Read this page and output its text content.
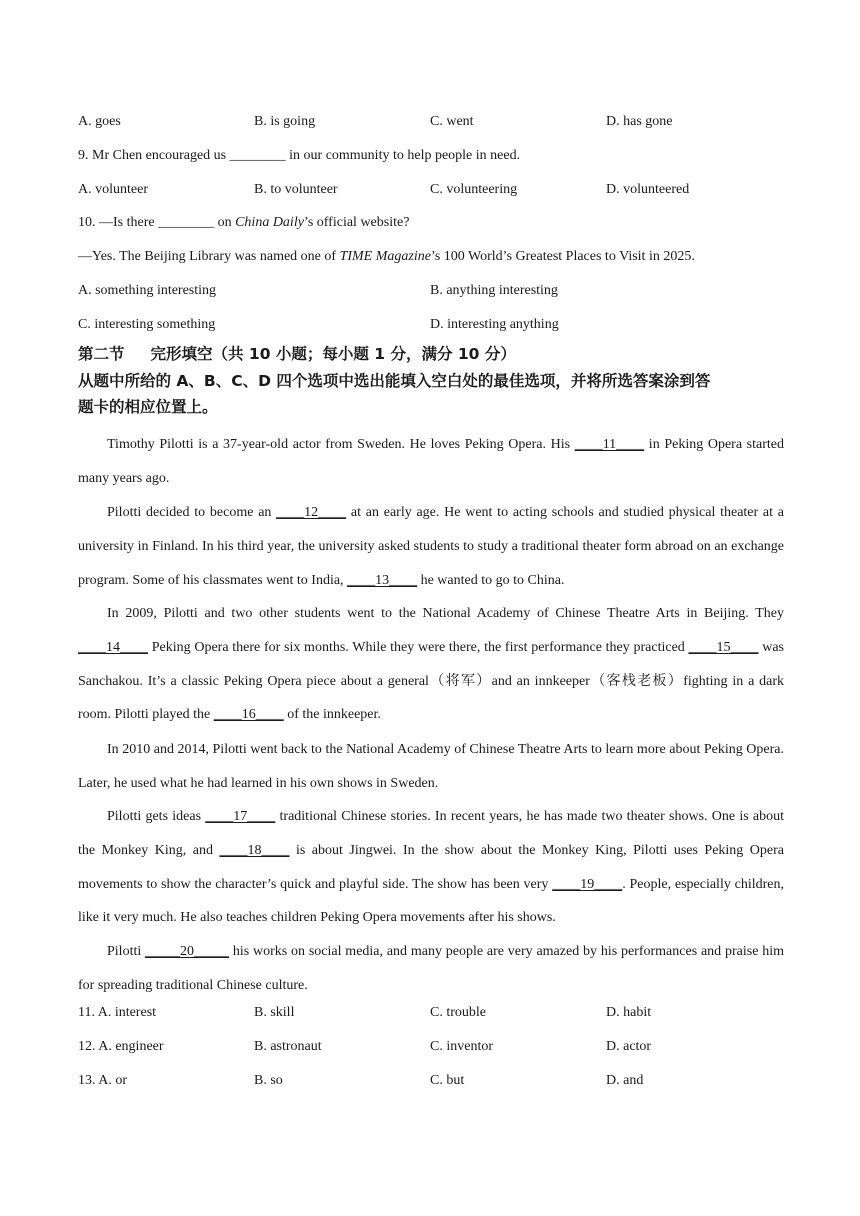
A. goes	B. is going	C. went	D. has gone
9. Mr Chen encouraged us ________ in our community to help people in need.
A. volunteer	B. to volunteer	C. volunteering	D. volunteered
10. —Is there ________ on China Daily’s official website?
—Yes. The Beijing Library was named one of TIME Magazine’s 100 World’s Greatest Places to Visit in 2025.
A. something interesting	B. anything interesting
C. interesting something	D. interesting anything
第二节 完形填空（共 10 小题；每小题 1 分，满分 10 分）
从题中所给的 A、B、C、D 四个选项中选出能填入空白处的最佳选项，并将所选答案涂到答
题卡的相应位置上。
Timothy Pilotti is a 37-year-old actor from Sweden. He loves Peking Opera. His ____11____ in Peking Opera started many years ago.
Pilotti decided to become an ____12____ at an early age. He went to acting schools and studied physical theater at a university in Finland. In his third year, the university asked students to study a traditional theater form abroad on an exchange program. Some of his classmates went to India, ____13____ he wanted to go to China.
In 2009, Pilotti and two other students went to the National Academy of Chinese Theatre Arts in Beijing. They ____14____ Peking Opera there for six months. While they were there, the first performance they practiced ____15____ was Sanchakou. It’s a classic Peking Opera piece about a general（将军）and an innkeeper（客栈老板）fighting in a dark room. Pilotti played the ____16____ of the innkeeper.
In 2010 and 2014, Pilotti went back to the National Academy of Chinese Theatre Arts to learn more about Peking Opera. Later, he used what he had learned in his own shows in Sweden.
Pilotti gets ideas ____17____ traditional Chinese stories. In recent years, he has made two theater shows. One is about the Monkey King, and ____18____ is about Jingwei. In the show about the Monkey King, Pilotti uses Peking Opera movements to show the character’s quick and playful side. The show has been very ____19____. People, especially children, like it very much. He also teaches children Peking Opera movements after his shows.
Pilotti _____20_____ his works on social media, and many people are very amazed by his performances and praise him for spreading traditional Chinese culture.
11. A. interest	B. skill	C. trouble	D. habit
12. A. engineer	B. astronaut	C. inventor	D. actor
13. A. or	B. so	C. but	D. and
